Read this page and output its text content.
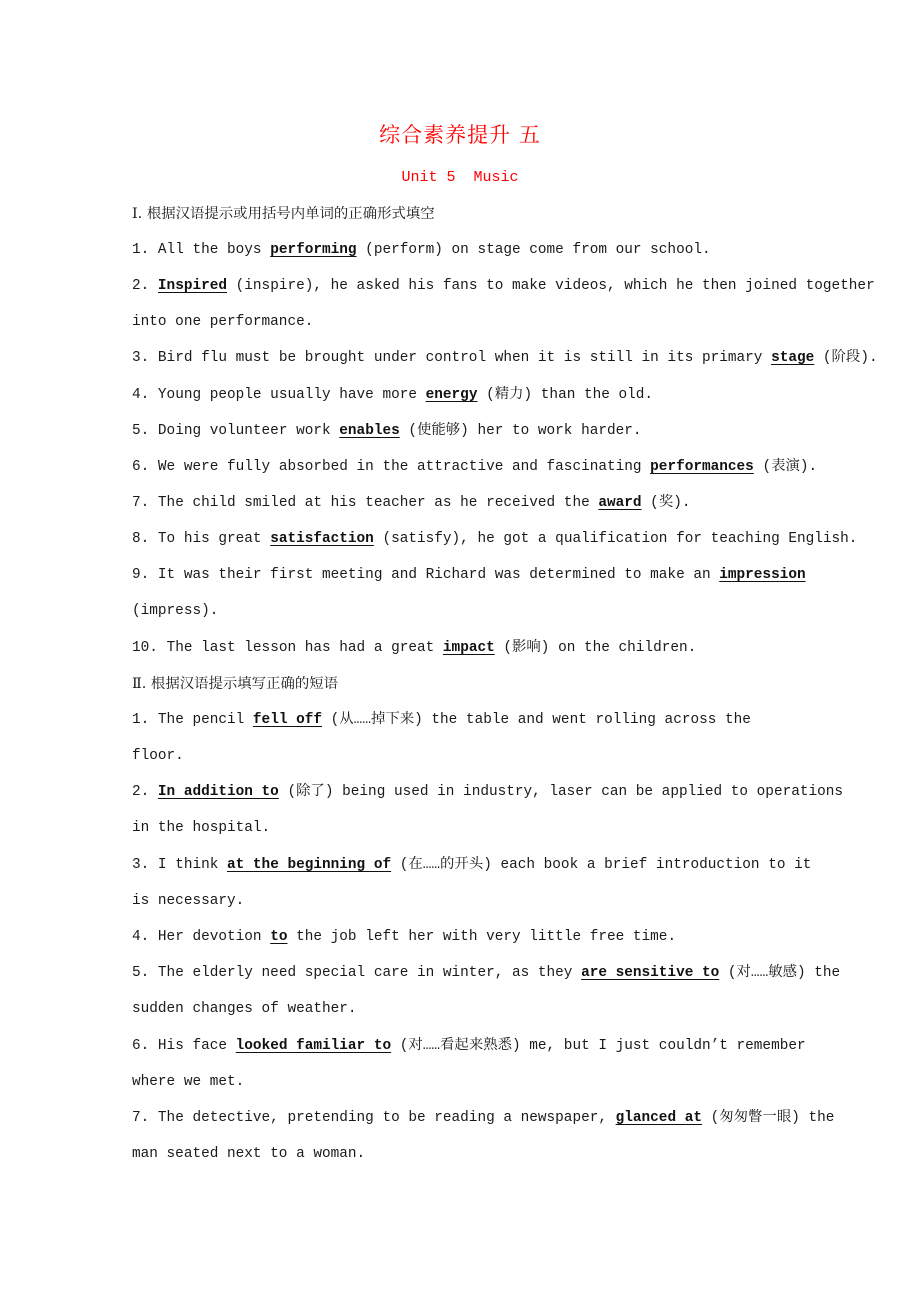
综合素养提升 五
Unit 5  Music
Ⅰ. 根据汉语提示或用括号内单词的正确形式填空
1. All the boys performing (perform) on stage come from our school.
2. Inspired (inspire), he asked his fans to make videos, which he then joined together
into one performance.
3. Bird flu must be brought under control when it is still in its primary stage (阶段).
4. Young people usually have more energy (精力) than the old.
5. Doing volunteer work enables (使能够) her to work harder.
6. We were fully absorbed in the attractive and fascinating performances (表演).
7. The child smiled at his teacher as he received the award (奖).
8. To his great satisfaction (satisfy), he got a qualification for teaching English.
9. It was their first meeting and Richard was determined to make an impression
(impress).
10. The last lesson has had a great impact (影响) on the children.
Ⅱ. 根据汉语提示填写正确的短语
1. The pencil fell off (从……掉下来) the table and went rolling across the
floor.
2. In addition to (除了) being used in industry, laser can be applied to operations
in the hospital.
3. I think at the beginning of (在……的开头) each book a brief introduction to it
is necessary.
4. Her devotion to the job left her with very little free time.
5. The elderly need special care in winter, as they are sensitive to (对……敏感) the
sudden changes of weather.
6. His face looked familiar to (对……看起来熟悉) me, but I just couldn’t remember
where we met.
7. The detective, pretending to be reading a newspaper, glanced at (匆匆瞥一眼) the
man seated next to a woman.
